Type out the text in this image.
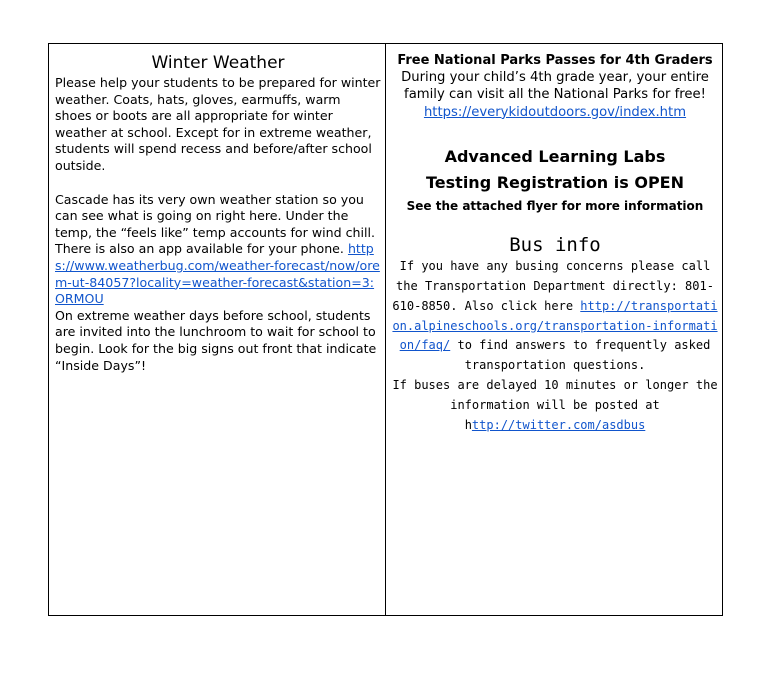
Winter Weather

Please help your students to be prepared for winter weather. Coats, hats, gloves, earmuffs, warm shoes or boots are all appropriate for winter weather at school. Except for in extreme weather, students will spend recess and before/after school outside.

Cascade has its very own weather station so you can see what is going on right here. Under the temp, the “feels like” temp accounts for wind chill. There is also an app available for your phone. https://www.weatherbug.com/weather-forecast/now/orem-ut-84057?locality=weather-forecast&station=3:ORMOU

On extreme weather days before school, students are invited into the lunchroom to wait for school to begin. Look for the big signs out front that indicate “Inside Days”!

Free National Parks Passes for 4th Graders

During your child’s 4th grade year, your entire family can visit all the National Parks for free!

https://everykidoutdoors.gov/index.htm

Advanced Learning Labs

Testing Registration is OPEN

See the attached flyer for more information

Bus info

If you have any busing concerns please call the Transportation Department directly: 801-610-8850. Also click here http://transportation.alpineschools.org/transportation-information/faq/ to find answers to frequently asked transportation questions.
If buses are delayed 10 minutes or longer the information will be posted at
http://twitter.com/asdbus
